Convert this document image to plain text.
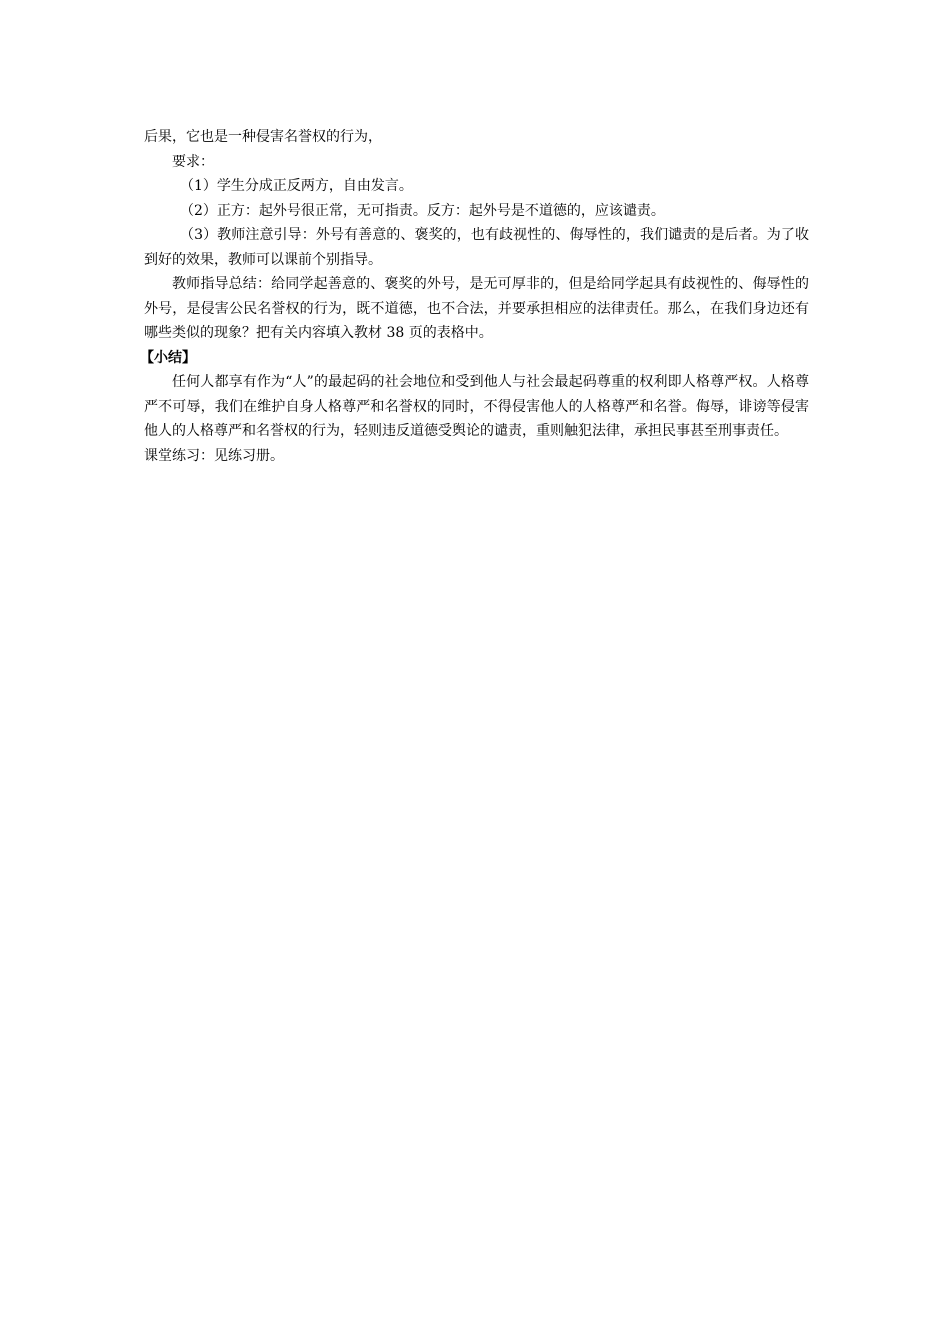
后果，它也是一种侵害名誉权的行为，

要求：

（1）学生分成正反两方，自由发言。

（2）正方：起外号很正常，无可指责。反方：起外号是不道德的，应该谴责。

（3）教师注意引导：外号有善意的、褒奖的，也有歧视性的、侮辱性的，我们谴责的是后者。为了收到好的效果，教师可以课前个别指导。

教师指导总结：给同学起善意的、褒奖的外号，是无可厚非的，但是给同学起具有歧视性的、侮辱性的外号，是侵害公民名誉权的行为，既不道德，也不合法，并要承担相应的法律责任。那么，在我们身边还有哪些类似的现象？把有关内容填入教材 38 页的表格中。

【小结】

任何人都享有作为“人”的最起码的社会地位和受到他人与社会最起码尊重的权利即人格尊严权。人格尊严不可辱，我们在维护自身人格尊严和名誉权的同时，不得侵害他人的人格尊严和名誉。侮辱，诽谤等侵害他人的人格尊严和名誉权的行为，轻则违反道德受舆论的谴责，重则触犯法律，承担民事甚至刑事责任。

课堂练习：见练习册。
